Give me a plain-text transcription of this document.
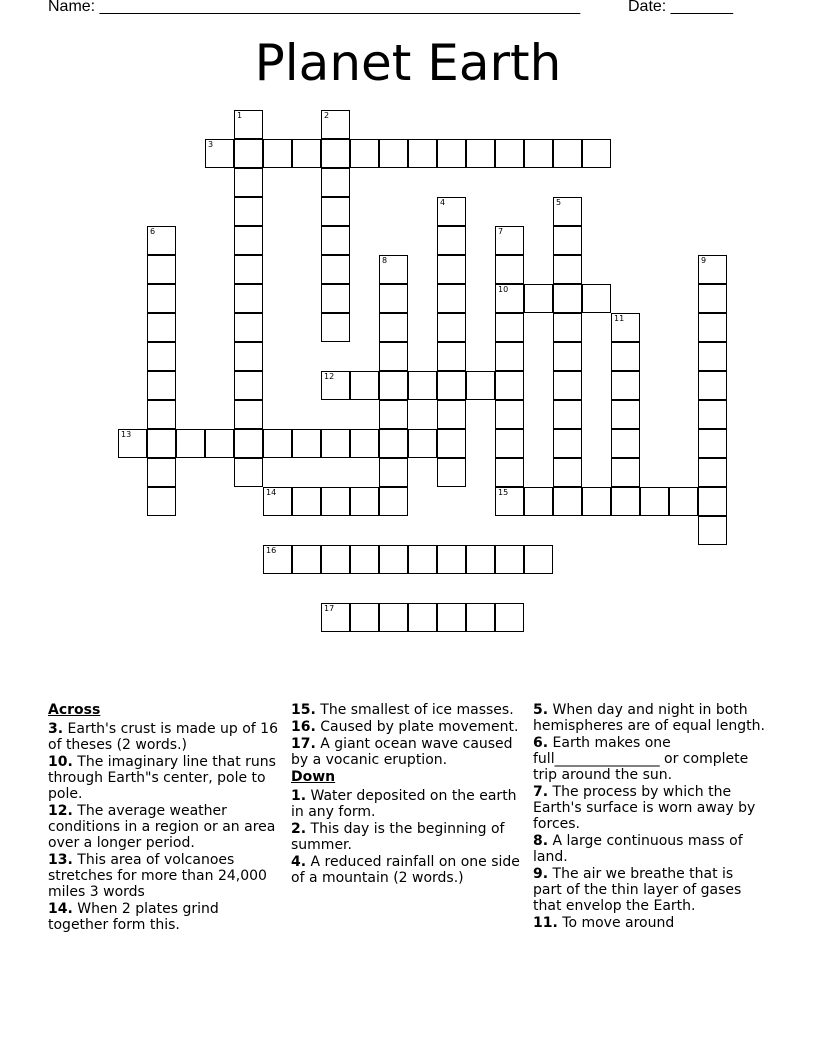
Name: ______________________________________________________	Date: _______
Planet Earth
1	2
3
4	5
6	7
10
15
8	9
11
12
13
14
16
17
Across
3. Earth's crust is made up of 16 of theses (2 words.)
10. The imaginary line that runs through Earth"s center, pole to pole.
12. The average weather conditions in a region or an area over a longer period.
13. This area of volcanoes stretches for more than 24,000 miles 3 words
14. When 2 plates grind together form this.
15. The smallest of ice masses.
16. Caused by plate movement.
17. A giant ocean wave caused by a vocanic eruption.
Down
1. Water deposited on the earth in any form.
2. This day is the beginning of summer.
4. A reduced rainfall on one side of a mountain (2 words.)
5. When day and night in both hemispheres are of equal length.
6. Earth makes one full_______________ or complete trip around the sun.
7. The process by which the Earth's surface is worn away by forces.
8. A large continuous mass of land.
9. The air we breathe that is part of the thin layer of gases that envelop the Earth.
11. To move around
